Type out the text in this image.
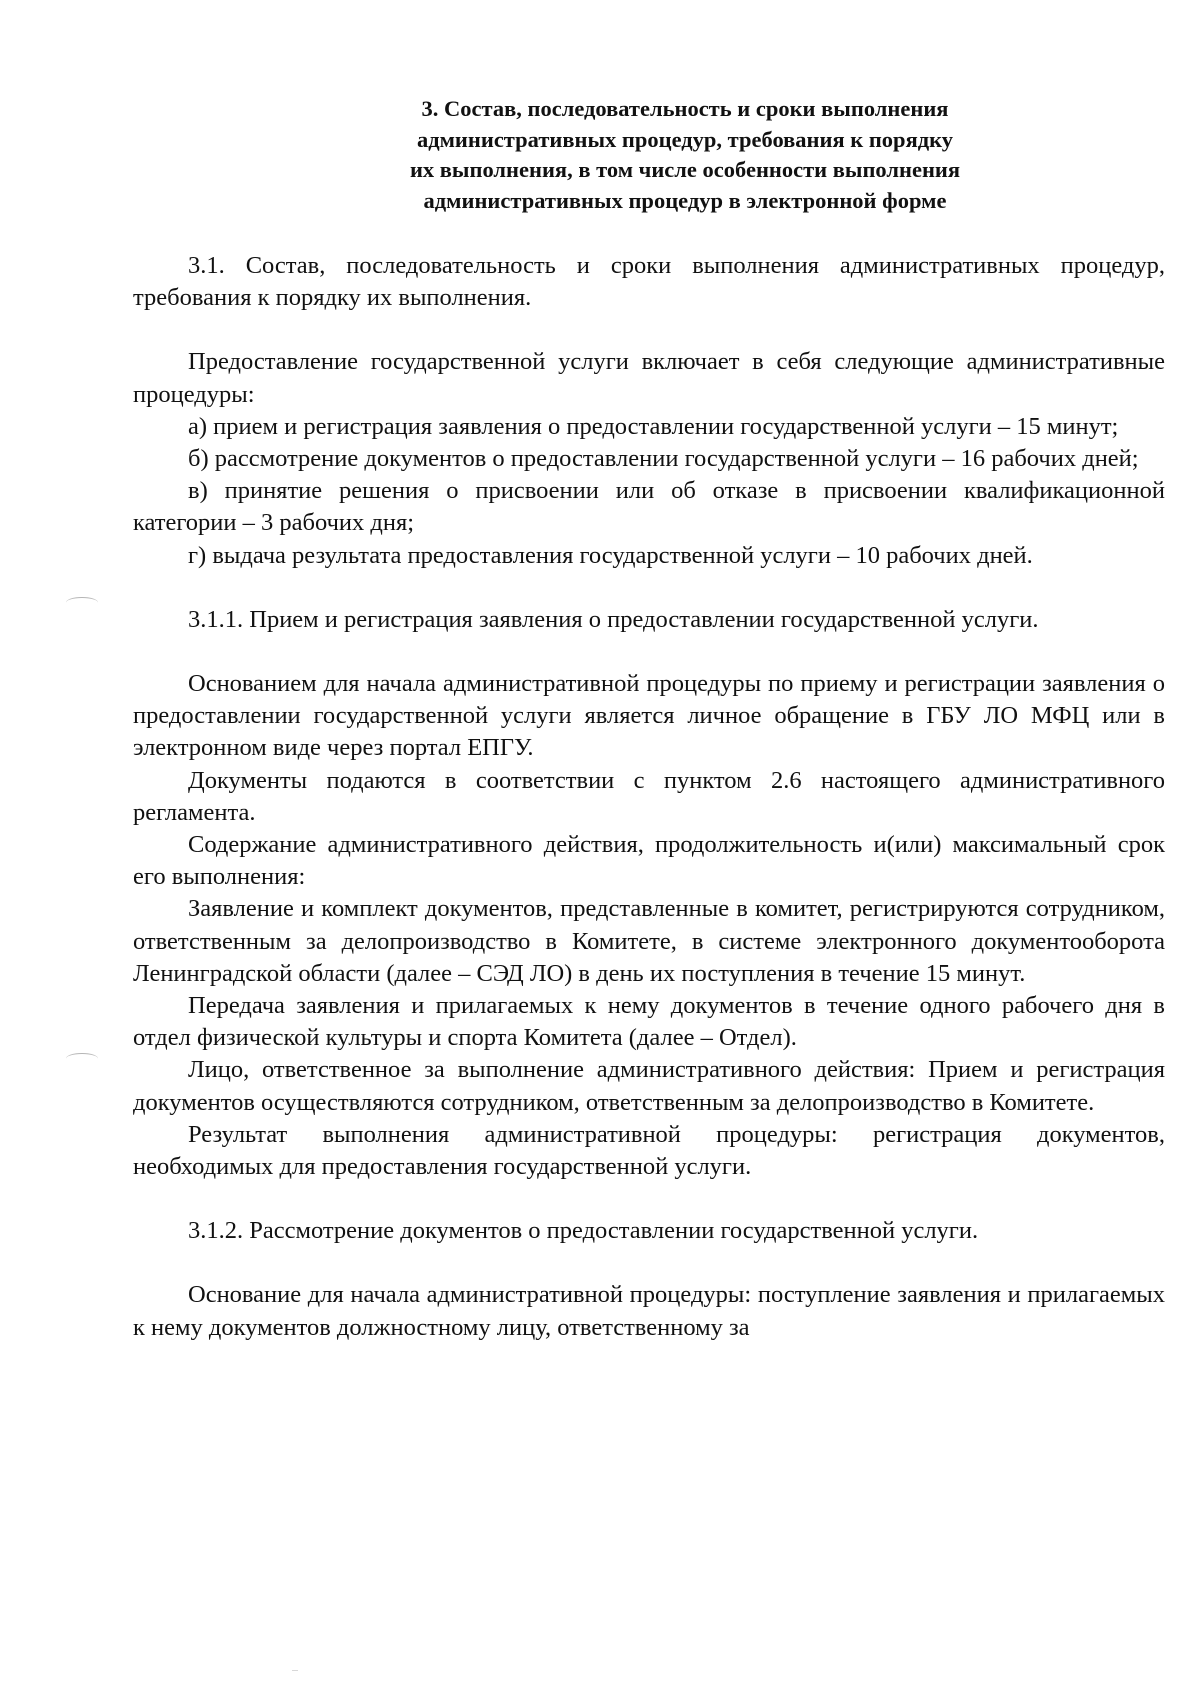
3. Состав, последовательность и сроки выполнения
административных процедур, требования к порядку
их выполнения, в том числе особенности выполнения
административных процедур в электронной форме

3.1. Состав, последовательность и сроки выполнения административных процедур, требования к порядку их выполнения.

Предоставление государственной услуги включает в себя следующие административные процедуры:

а) прием и регистрация заявления о предоставлении государственной услуги – 15 минут;

б) рассмотрение документов о предоставлении государственной услуги – 16 рабочих дней;

в) принятие решения о присвоении или об отказе в присвоении квалификационной категории – 3 рабочих дня;

г) выдача результата предоставления государственной услуги – 10 рабочих дней.

3.1.1. Прием и регистрация заявления о предоставлении государственной услуги.

Основанием для начала административной процедуры по приему и регистрации заявления о предоставлении государственной услуги является личное обращение в ГБУ ЛО МФЦ или в электронном виде через портал ЕПГУ.

Документы подаются в соответствии с пунктом 2.6 настоящего административного регламента.

Содержание административного действия, продолжительность и(или) максимальный срок его выполнения:

Заявление и комплект документов, представленные в комитет, регистрируются сотрудником, ответственным за делопроизводство в Комитете, в системе электронного документооборота Ленинградской области (далее – СЭД ЛО) в день их поступления в течение 15 минут.

Передача заявления и прилагаемых к нему документов в течение одного рабочего дня в отдел физической культуры и спорта Комитета (далее – Отдел).

Лицо, ответственное за выполнение административного действия: Прием и регистрация документов осуществляются сотрудником, ответственным за делопроизводство в Комитете.

Результат выполнения административной процедуры: регистрация документов, необходимых для предоставления государственной услуги.

3.1.2. Рассмотрение документов о предоставлении государственной услуги.

Основание для начала административной процедуры: поступление заявления и прилагаемых к нему документов должностному лицу, ответственному за
